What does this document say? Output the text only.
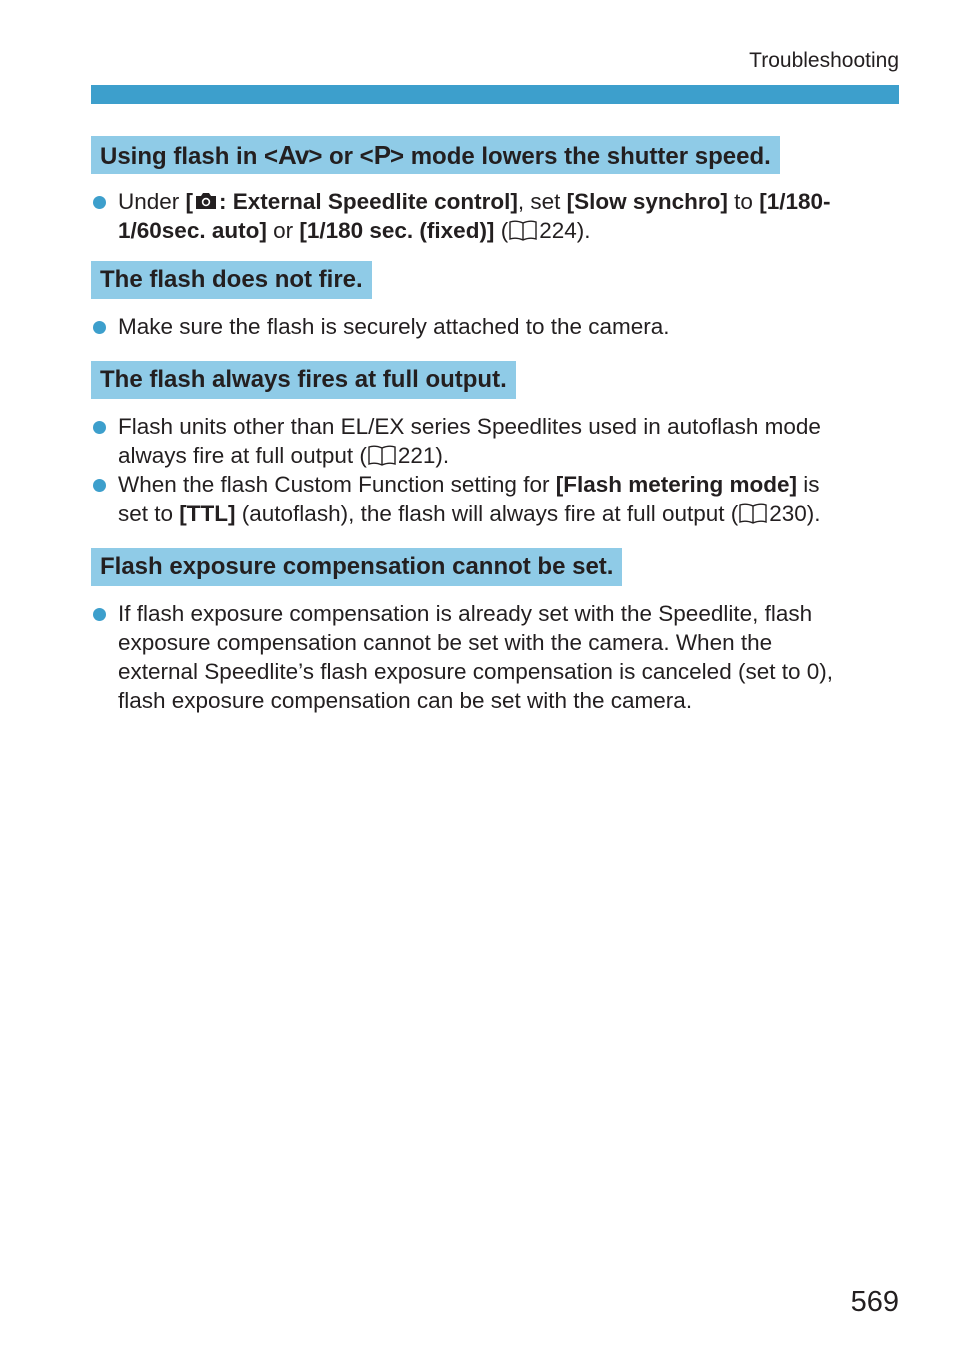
Troubleshooting
Using flash in <Av> or <P> mode lowers the shutter speed.
Under [ : External Speedlite control], set [Slow synchro] to [1/180-
1/60sec. auto] or [1/180 sec. (fixed)] ( 224).
The flash does not fire.
Make sure the flash is securely attached to the camera.
The flash always fires at full output.
Flash units other than EL/EX series Speedlites used in autoflash mode
always fire at full output ( 221).
When the flash Custom Function setting for [Flash metering mode] is
set to [TTL] (autoflash), the flash will always fire at full output ( 230).
Flash exposure compensation cannot be set.
If flash exposure compensation is already set with the Speedlite, flash
exposure compensation cannot be set with the camera. When the
external Speedlite’s flash exposure compensation is canceled (set to 0),
flash exposure compensation can be set with the camera.
569
